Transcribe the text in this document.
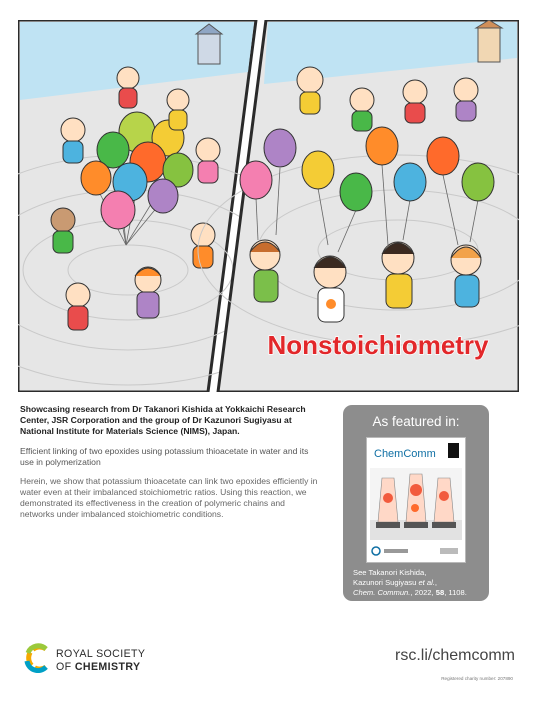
Nonstoichiometry

Showcasing research from Dr Takanori Kishida at Yokkaichi Research Center, JSR Corporation and the group of Dr Kazunori Sugiyasu at National Institute for Materials Science (NIMS), Japan.

Efficient linking of two epoxides using potassium thioacetate in water and its use in polymerization

Herein, we show that potassium thioacetate can link two epoxides efficiently in water even at their imbalanced stoichiometric ratios. Using this reaction, we demonstrated its effectiveness in the creation of polymeric chains and networks under imbalanced stoichiometric conditions.

As featured in:
ChemComm
See Takanori Kishida,
Kazunori Sugiyasu et al.,
Chem. Commun., 2022, 58, 1108.
ROYAL SOCIETY
OF CHEMISTRY
rsc.li/chemcomm
Registered charity number: 207890
